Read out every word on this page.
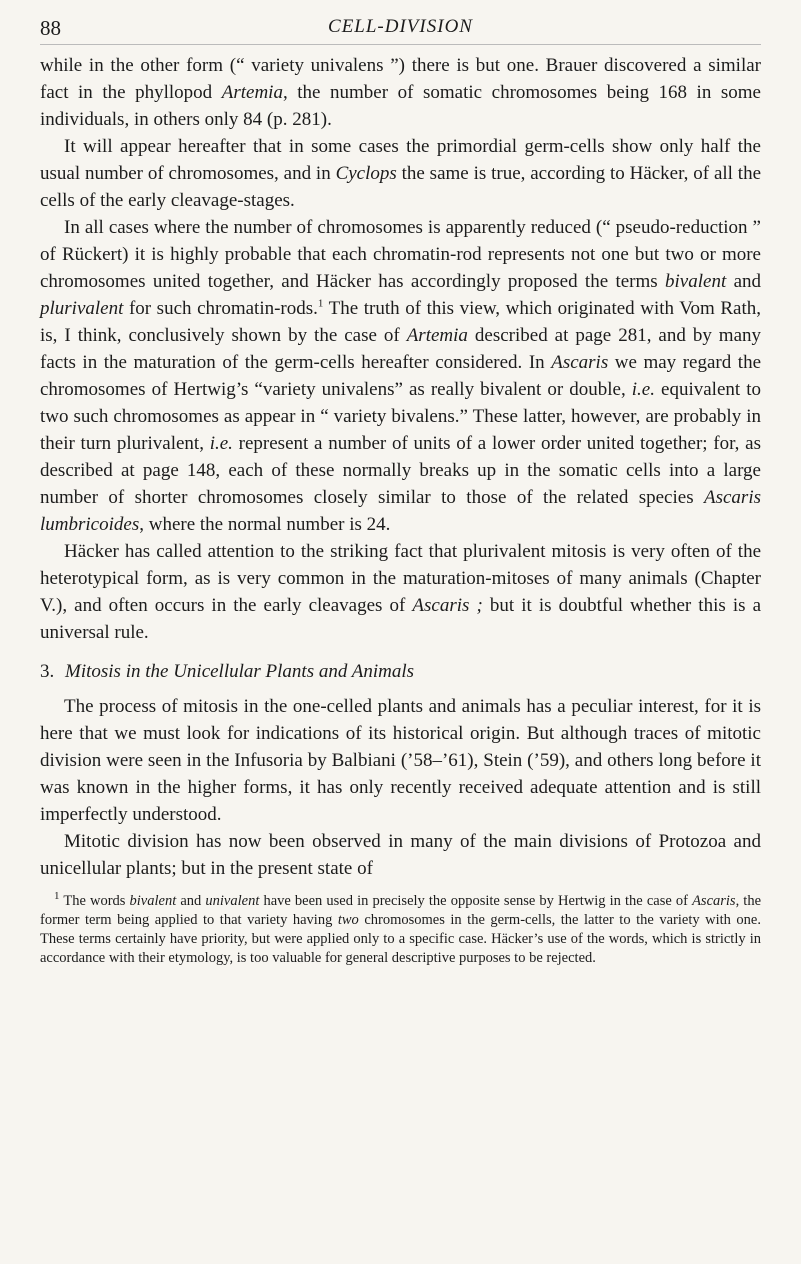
88	CELL-DIVISION

while in the other form (“ variety univalens ”) there is but one. Brauer discovered a similar fact in the phyllopod Artemia, the number of somatic chromosomes being 168 in some individuals, in others only 84 (p. 281).

It will appear hereafter that in some cases the primordial germ-cells show only half the usual number of chromosomes, and in Cyclops the same is true, according to Häcker, of all the cells of the early cleavage-stages.

In all cases where the number of chromosomes is apparently reduced (“ pseudo-reduction ” of Rückert) it is highly probable that each chromatin-rod represents not one but two or more chromosomes united together, and Häcker has accordingly proposed the terms bivalent and plurivalent for such chromatin-rods.$^1$ The truth of this view, which originated with Vom Rath, is, I think, conclusively shown by the case of Artemia described at page 281, and by many facts in the maturation of the germ-cells hereafter considered. In Ascaris we may regard the chromosomes of Hertwig’s “variety univalens” as really bivalent or double, i.e. equivalent to two such chromosomes as appear in “ variety bivalens.” These latter, however, are probably in their turn plurivalent, i.e. represent a number of units of a lower order united together; for, as described at page 148, each of these normally breaks up in the somatic cells into a large number of shorter chromosomes closely similar to those of the related species Ascaris lumbricoides, where the normal number is 24.

Häcker has called attention to the striking fact that plurivalent mitosis is very often of the heterotypical form, as is very common in the maturation-mitoses of many animals (Chapter V.), and often occurs in the early cleavages of Ascaris ; but it is doubtful whether this is a universal rule.

3. Mitosis in the Unicellular Plants and Animals

The process of mitosis in the one-celled plants and animals has a peculiar interest, for it is here that we must look for indications of its historical origin. But although traces of mitotic division were seen in the Infusoria by Balbiani (’58–’61), Stein (’59), and others long before it was known in the higher forms, it has only recently received adequate attention and is still imperfectly understood.

Mitotic division has now been observed in many of the main divisions of Protozoa and unicellular plants; but in the present state of

$^1$ The words bivalent and univalent have been used in precisely the opposite sense by Hertwig in the case of Ascaris, the former term being applied to that variety having two chromosomes in the germ-cells, the latter to the variety with one. These terms certainly have priority, but were applied only to a specific case. Häcker’s use of the words, which is strictly in accordance with their etymology, is too valuable for general descriptive purposes to be rejected.
